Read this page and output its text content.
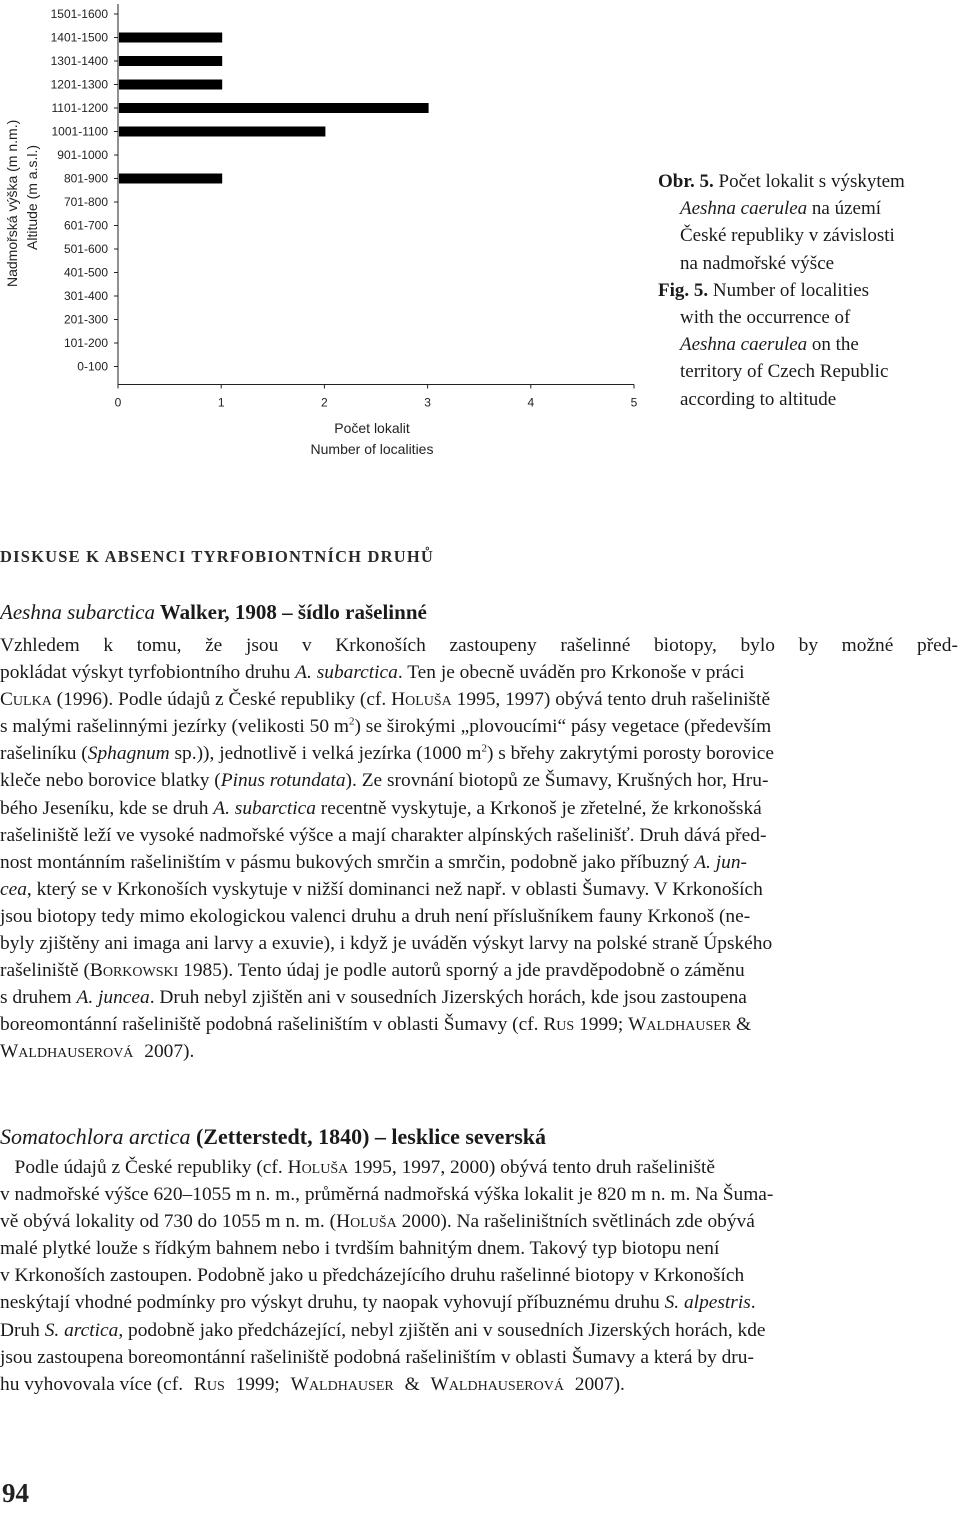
0-100
101-200
201-300
301-400
401-500
501-600
601-700
701-800
801-900
901-1000
1001-1100
1101-1200
1201-1300
1301-1400
1401-1500
1501-1600
0	1	2	3	4	5
Nadmořská výška (m n.m.) Altitude (m a.s.l.)
Počet lokalit
Number of localities
Obr. 5. Počet lokalit s výskytem
Aeshna caerulea na území
České republiky v závislosti
na nadmořské výšce
Fig. 5. Number of localities
with the occurrence of
Aeshna caerulea on the
territory of Czech Republic
according to altitude
DISKUSE K ABSENCI TYRFOBIONTNÍCH DRUHŮ
Aeshna subarctica Walker, 1908 – šídlo rašelinné
Vzhledem k tomu, že jsou v Krkonoších zastoupeny rašelinné biotopy, bylo by možné před-
pokládat výskyt tyrfobiontního druhu A. subarctica. Ten je obecně uváděn pro Krkonoše v práci
Culka (1996). Podle údajů z České republiky (cf. Holuša 1995, 1997) obývá tento druh rašeliniště
s malými rašelinnými jezírky (velikosti 50 $m^2$) se širokými „plovoucími“ pásy vegetace (především
rašeliníku (Sphagnum sp.)), jednotlivě i velká jezírka (1000 $m^2$) s břehy zakrytými porosty borovice
kleče nebo borovice blatky (Pinus rotundata). Ze srovnání biotopů ze Šumavy, Krušných hor, Hru-
bého Jeseníku, kde se druh A. subarctica recentně vyskytuje, a Krkonoš je zřetelné, že krkonošská
rašeliniště leží ve vysoké nadmořské výšce a mají charakter alpínských rašelinišť. Druh dává před-
nost montánním rašeliništím v pásmu bukových smrčin a smrčin, podobně jako příbuzný A. jun-
cea, který se v Krkonoších vyskytuje v nižší dominanci než např. v oblasti Šumavy. V Krkonoších
jsou biotopy tedy mimo ekologickou valenci druhu a druh není příslušníkem fauny Krkonoš (ne-
byly zjištěny ani imaga ani larvy a exuvie), i když je uváděn výskyt larvy na polské straně Úpského
rašeliniště (Borkowski 1985). Tento údaj je podle autorů sporný a jde pravděpodobně o záměnu
s druhem A. juncea. Druh nebyl zjištěn ani v sousedních Jizerských horách, kde jsou zastoupena
boreomontánní rašeliniště podobná rašeliništím v oblasti Šumavy (cf. Rus 1999; Waldhauser &
Waldhauserová 2007).
Somatochlora arctica (Zetterstedt, 1840) – lesklice severská
Podle údajů z České republiky (cf. Holuša 1995, 1997, 2000) obývá tento druh rašeliniště
v nadmořské výšce 620–1055 m n. m., průměrná nadmořská výška lokalit je 820 m n. m. Na Šuma-
vě obývá lokality od 730 do 1055 m n. m. (Holuša 2000). Na rašeliništních světlinách zde obývá
malé plytké louže s řídkým bahnem nebo i tvrdším bahnitým dnem. Takový typ biotopu není
v Krkonoších zastoupen. Podobně jako u předcházejícího druhu rašelinné biotopy v Krkonoších
neskýtají vhodné podmínky pro výskyt druhu, ty naopak vyhovují příbuznému druhu S. alpestris.
Druh S. arctica, podobně jako předcházející, nebyl zjištěn ani v sousedních Jizerských horách, kde
jsou zastoupena boreomontánní rašeliniště podobná rašeliništím v oblasti Šumavy a která by dru-
hu vyhovovala více (cf. Rus 1999; Waldhauser & Waldhauserová 2007).
94
